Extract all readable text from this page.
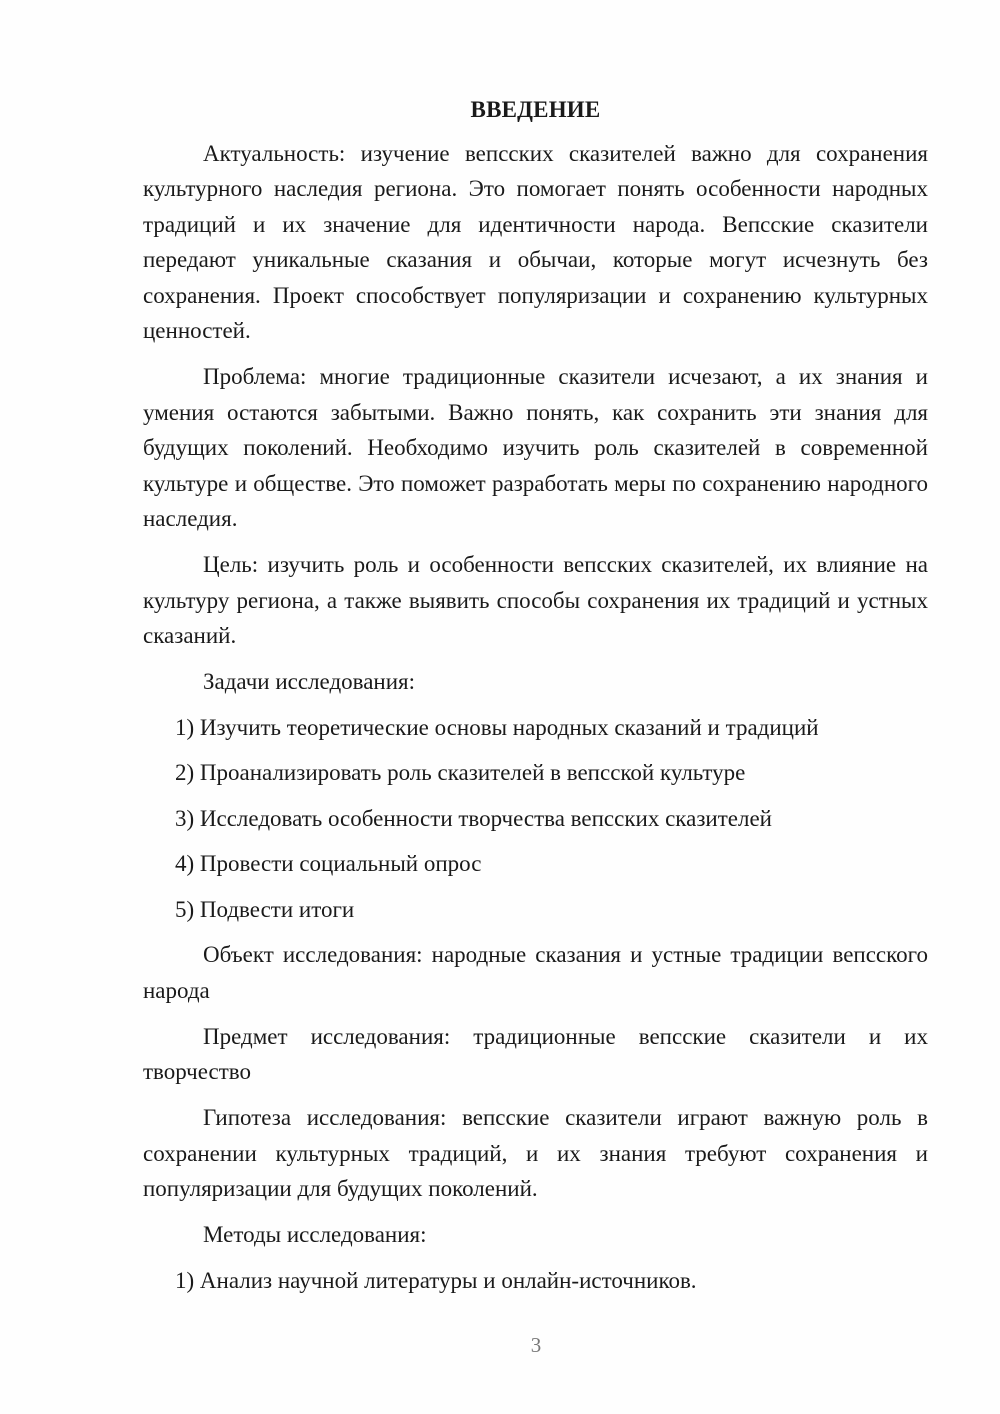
ВВЕДЕНИЕ

Актуальность: изучение вепсских сказителей важно для сохранения культурного наследия региона. Это помогает понять особенности народных традиций и их значение для идентичности народа. Вепсские сказители передают уникальные сказания и обычаи, которые могут исчезнуть без сохранения. Проект способствует популяризации и сохранению культурных ценностей.

Проблема: многие традиционные сказители исчезают, а их знания и умения остаются забытыми. Важно понять, как сохранить эти знания для будущих поколений. Необходимо изучить роль сказителей в современной культуре и обществе. Это поможет разработать меры по сохранению народного наследия.

Цель: изучить роль и особенности вепсских сказителей, их влияние на культуру региона, а также выявить способы сохранения их традиций и устных сказаний.

Задачи исследования:
1) Изучить теоретические основы народных сказаний и традиций
2) Проанализировать роль сказителей в вепсской культуре
3) Исследовать особенности творчества вепсских сказителей
4) Провести социальный опрос
5) Подвести итоги

Объект исследования: народные сказания и устные традиции вепсского народа

Предмет исследования: традиционные вепсские сказители и их творчество

Гипотеза исследования: вепсские сказители играют важную роль в сохранении культурных традиций, и их знания требуют сохранения и популяризации для будущих поколений.

Методы исследования:
1) Анализ научной литературы и онлайн-источников.
3
